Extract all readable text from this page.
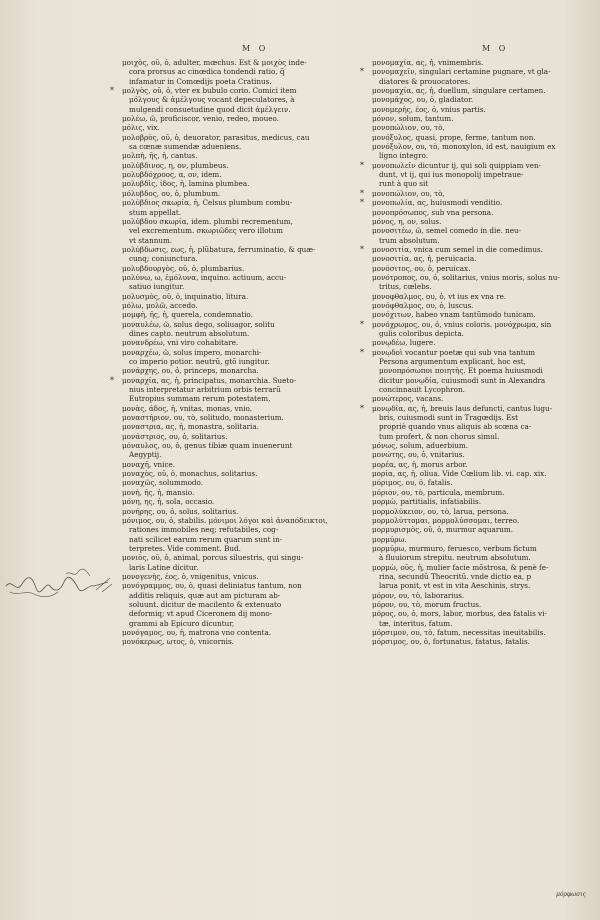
M O	M O
μοιχὸς, οῦ, ὁ, adulter, mœchus. Est & μοιχὸς inde-
cora prorsus ac cinœdica tondendi ratio, q̃
infamatur in Comœdijs poeta Cratinus.
* μολγὸς, οῦ, ὁ, vter ex bubulo corio. Comici item
μόλγους & ἀμέλγους vocant depeculatores, à
mulgendi consuetudine quod dicit ἀμέλγειν.
μολέω, ῶ, proficiscor, venio, redeo, moueo.
μόλις, vix.
μολοβρὸς, οῦ, ὁ, deuorator, parasitus, medicus, cau
sa cœnæ sumendæ aduenienѕ.
μολπὴ, ῆς, ἡ, cantus.
μολύβδινος, η, ον, plumbeus.
μολυβδόχροος, α, ον, idem.
μολυβδὶς, ίδος, ἡ, lamina plumbea.
μόλυβδος, ου, ὁ, plumbum.
μολύβδιος σκωρία, ἡ, Celsus plumbum combu-
stum appellat.
μολύβδου σκωρία, idem. plumbi recrementum,
vel excrementum. σκωριῶδες vero illotum
vt stannum.
μολύβδωσις, εως, ἡ, plũbatura, ferruminatio, & quæ-
cunq; coniunctura.
μολυβδουργὸς, οῦ, ὁ, plumbarius.
μολύνω, ω, ἐμόλυνα, inquino. actiuum, accu-
satiuo iungitur.
μολυσμὸς, οῦ, ὁ, inquinatio, litura.
μόλω, μολῶ, accedo.
μομφὴ, ῆς, ἡ, querela, condemnatio.
μοναυλέω, ῶ, solus dego, soliuagor, solitu
dines capto. neutrum absolutum.
μονανδρέω, vni viro cohabitare.
μοναρχέω, ῶ, solus impero, monarchi-
co imperio potior. neutrũ, gtõ iungitur.
μονάρχης, ου, ὁ, princeps, monarcha.
* μοναρχία, ας, ἡ, principatus, monarchia. Sueto-
nius interpretatur arbitrium orbis terrarũ
Eutropius summam rerum potestatem,
μονὰς, άδος, ἡ, vnitas, monas, vnio.
μοναστήριον, ου, τὸ, solitudo, monasterium.
μοναστρια, ας, ἡ, monastra, solitaria.
μονάστριος, ου, ὁ, solitarius.
μόναυλος, ου, ὁ, genus tibiæ quam inuenerunt
Aegyptij.
μοναχῆ, vnice.
μοναχὸς, οῦ, ὁ, monachus, solitarius.
μοναχῶς, solummodo.
μονὴ, ῆς, ἡ, mansio.
μόνη, ης, ἡ, sola, occasio.
μονήρης, ου, ὁ, solus, solitarius.
μόνιμος, ου, ὁ, stabilis. μόνιμοι λόγοι καὶ ἀναπόδεικτοι,
rationes immobiles neq; refutabiles, cog-
nati scilicet earum rerum quarum sunt in-
terpretes. Vide comment. Bud.
μονιὸς, οῦ, ὁ, animal, porcus siluestris, qui singu-
laris Latine dicitur.
μονογενὴς, έος, ὁ, vnigenitus, vnicus.
μονόγραμμος, ου, ὁ, quasi deliniatus tantum, non
additis reliquis, quæ aut am picturam ab-
soluunt. dicitur de macilento & extenuato
deformiq; vt apud Ciceronem dij mono-
grammi ab Epicuro dicuntur,
μονόγαμος, ου, ἡ, matrona vno contenta.
μονόκερως, ωτος, ὁ, vnicornis.
μονομαχία, ας, ἡ, vnimembris.
* μονομαχεῖν, singulari certamine pugnare, vt gla-
diatores & prouocatores.
μονομαχία, ας, ἡ, duellum, singulare certamen.
μονομάχος, ου, ὁ, gladiator.
μονομερὴς, έος, ὁ, vnius partis.
μόνον, solum, tantum.
μονοπώλιον, ου, τὸ,
μονόξυλος, quasi, prope, ferme, tantum non.
μονόξυλον, ου, τὸ, monoxylon, id est, nauigium ex
ligno integro.
* μονοπωλεῖν dicuntur ij, qui soli quippiam ven-
dunt, vt ij, qui ius monopolij impetraue-
runt à quo sit
* μονοπώλιον, ου, τὸ,
* μονοπωλία, ας, huiusmodi venditio.
μονοπρόσωπος, sub vna persona.
μόνος, η, ον, solus.
μονοσιτέω, ῶ, semel comedo in die. neu-
trum absolutum.
* μονοσιτία, vnica cum semel in die comedimus.
μονοσιτία, ας, ἡ, peruicacia.
μονόσιτος, ου, ὁ, peruicax.
μονότροπος, ου, ὁ, solitarius, vnius moris, solus nu-
tritus, cœlebs.
μονοφθαλμος, ου, ὁ, vt ius ex vna re.
μονόφθαλμος, ου, ὁ, luscus.
μονόχιτων, habeo vnam tantũmodo tunicam.
* μονόχρωμος, ου, ὁ, vnius coloris. μονόχρωμα, sin
gulis coloribus depicta.
μονῳδέω, lugere.
* μονῳδοὶ vocantur poetæ qui sub vna tantum
Persona argumentum explicant, hoc est,
μονοπρόσωποι ποιητὴς. Et poema huiusmodi
dicitur μονῳδία, cuiusmodi sunt in Alexandra
concinnauit Lycophron.
μονώτερος, vacans.
* μονῳδία, ας, ἡ, breuis laus defuncti, cantus lugu-
bris, cuiusmodi sunt in Tragœdijs. Est
propriè quando vnus aliquis ab scœna ca-
tum profert, & non chorus simul.
μόνως, solum, aduerbium.
μονώτης, ου, ὁ, vnitarius.
μορέα, ας, ἡ, morus arbor.
μορία, ας, ἡ, oliua. Vide Cœlium lib. vi. cap. xix.
μόριμος, ου, ὁ, fatalis.
μόριον, ου, τὸ, particula, membrum.
μορμὼ, partitialis, infatiabilis.
μορμολύκειον, ου, τὸ, larua, persona.
μορμολύττομαι, μορμολύσσομαι, terreo.
μορμυρισμὸς, οῦ, ὁ, murmur aquarum.
μορμύρω.
μορμύρω, murmuro, feruesco, verbum fictum
à fluuiorum strepitu. neutrum absolutum.
μορμὼ, οῦς, ἡ, mulier facie mõstrosa, & penè fe-
rina, secundũ Theocritũ. vnde dictio ea, p
larua ponit, vt est in vita Aeschinis, strys.
μόρον, ου, τὸ, laborarius.
μόρον, ου, τὸ, morum fructus.
μόρος, ου, ὁ, mors, labor, morbus, dea fatalis vi-
tæ, interitus, fatum.
μόρσιμον, ου, τὸ, fatum, necessitas ineuitabilis.
μόρσιμος, ου, ὁ, fortunatus, fatatus, fatalis.
μόρφωσις
